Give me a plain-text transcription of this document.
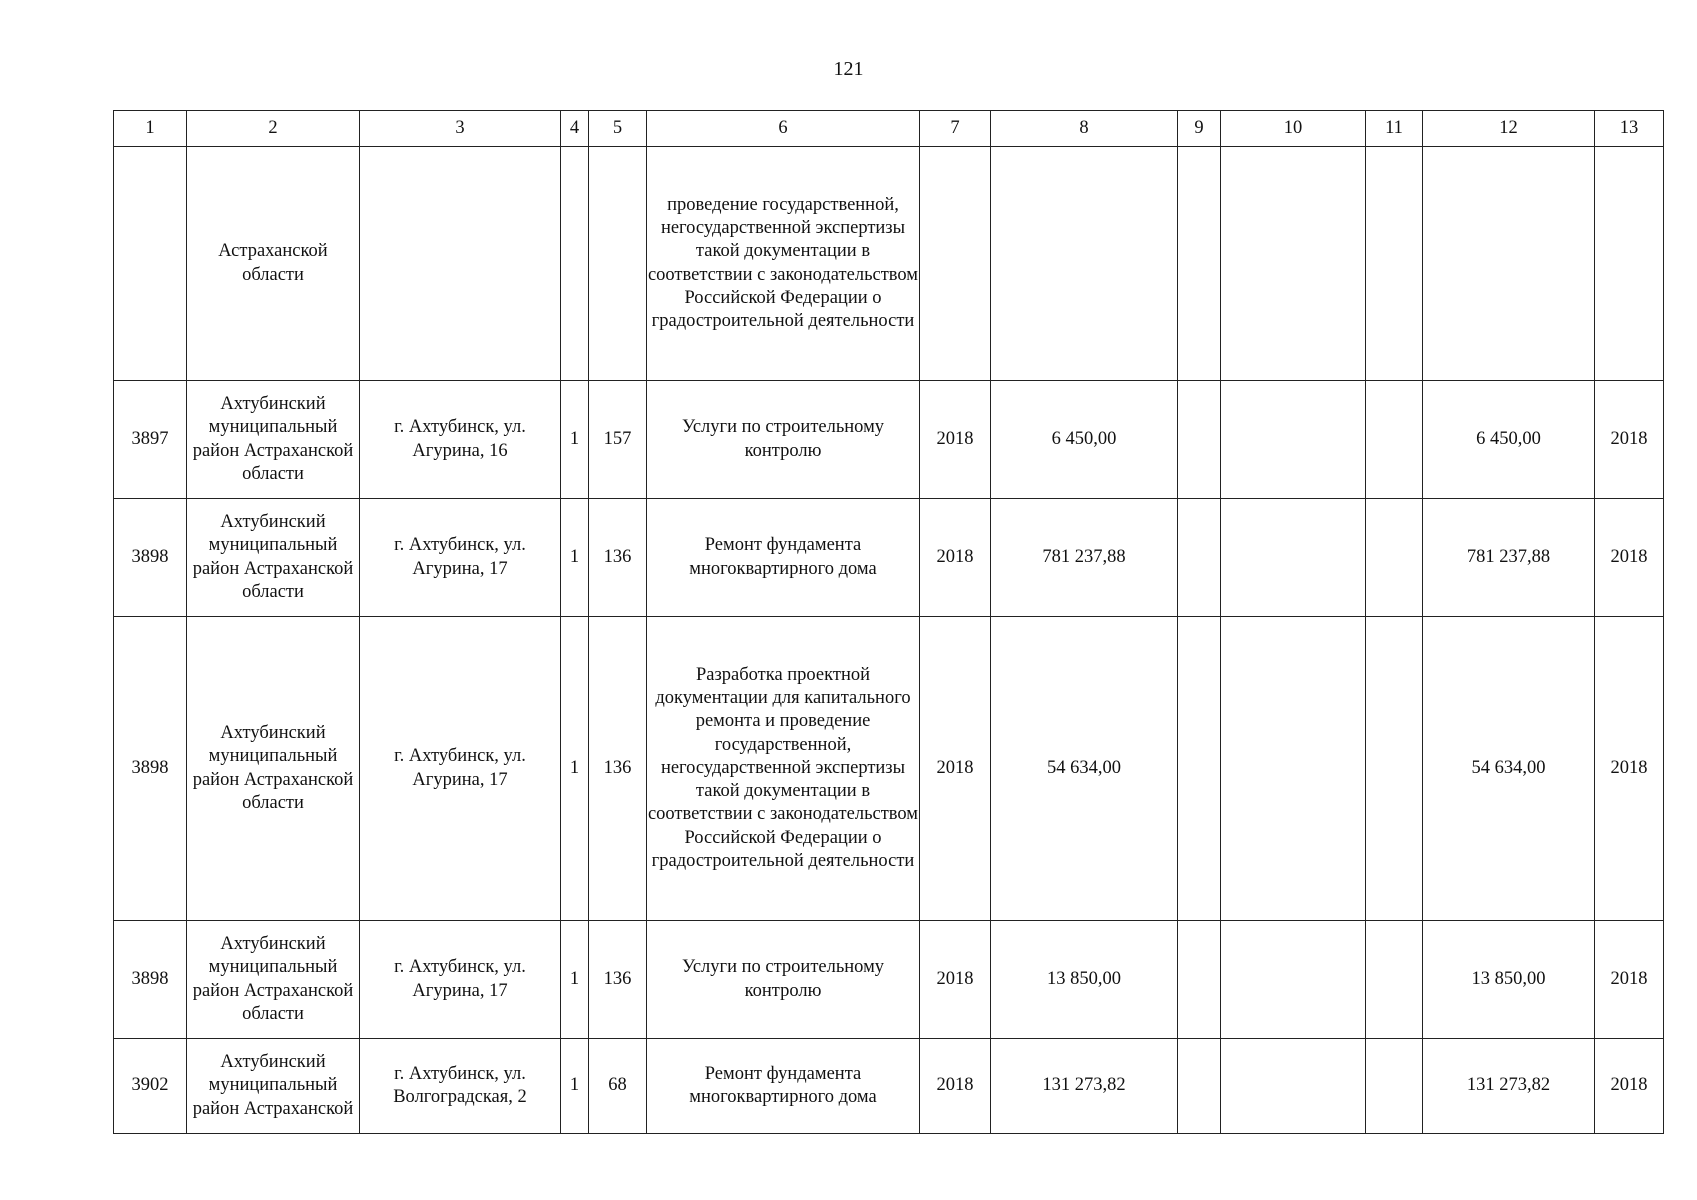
121
1	2	3	4	5	6	7	8	9	10	11	12	13
	Астраханской области				проведение государственной, негосударственной экспертизы такой документации в соответствии с законодательством Российской Федерации о градостроительной деятельности							
3897	Ахтубинский муниципальный район Астраханской области	г. Ахтубинск, ул. Агурина, 16	1	157	Услуги по строительному контролю	2018	6 450,00				6 450,00	2018
3898	Ахтубинский муниципальный район Астраханской области	г. Ахтубинск, ул. Агурина, 17	1	136	Ремонт фундамента многоквартирного дома	2018	781 237,88				781 237,88	2018
3898	Ахтубинский муниципальный район Астраханской области	г. Ахтубинск, ул. Агурина, 17	1	136	Разработка проектной документации для капитального ремонта и проведение государственной, негосударственной экспертизы такой документации в соответствии с законодательством Российской Федерации о градостроительной деятельности	2018	54 634,00				54 634,00	2018
3898	Ахтубинский муниципальный район Астраханской области	г. Ахтубинск, ул. Агурина, 17	1	136	Услуги по строительному контролю	2018	13 850,00				13 850,00	2018
3902	Ахтубинский муниципальный район Астраханской	г. Ахтубинск, ул. Волгоградская, 2	1	68	Ремонт фундамента многоквартирного дома	2018	131 273,82				131 273,82	2018
